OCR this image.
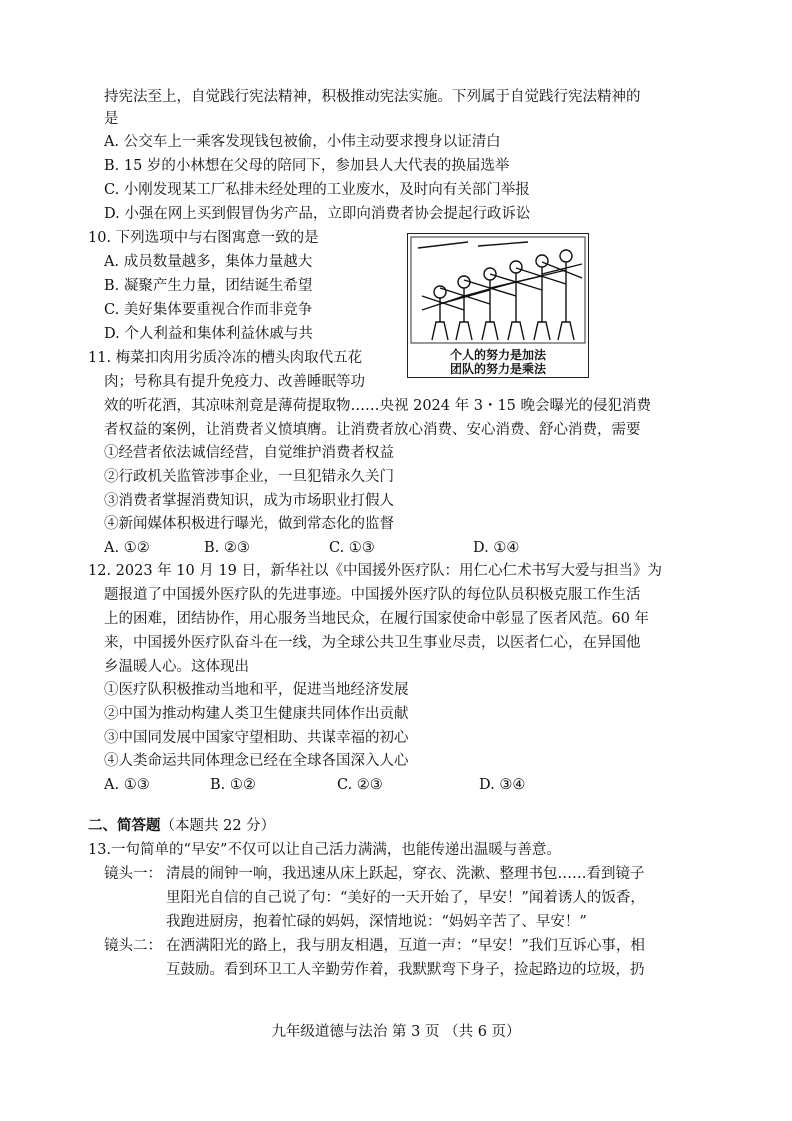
持宪法至上，自觉践行宪法精神，积极推动宪法实施。下列属于自觉践行宪法精神的
是
A. 公交车上一乘客发现钱包被偷，小伟主动要求搜身以证清白
B. 15 岁的小林想在父母的陪同下，参加县人大代表的换届选举
C. 小刚发现某工厂私排未经处理的工业废水，及时向有关部门举报
D. 小强在网上买到假冒伪劣产品，立即向消费者协会提起行政诉讼
10. 下列选项中与右图寓意一致的是
A. 成员数量越多，集体力量越大
B. 凝聚产生力量，团结诞生希望
C. 美好集体要重视合作而非竞争
D. 个人利益和集体利益休戚与共
个人的努力是加法
团队的努力是乘法
11. 梅菜扣肉用劣质冷冻的槽头肉取代五花
肉；号称具有提升免疫力、改善睡眠等功
效的听花酒，其凉味剂竟是薄荷提取物……央视 2024 年 3・15 晚会曝光的侵犯消费
者权益的案例，让消费者义愤填膺。让消费者放心消费、安心消费、舒心消费，需要
①经营者依法诚信经营，自觉维护消费者权益
②行政机关监管涉事企业，一旦犯错永久关门
③消费者掌握消费知识，成为市场职业打假人
④新闻媒体积极进行曝光，做到常态化的监督
A. ①②	B. ②③	C. ①③	D. ①④
12. 2023 年 10 月 19 日，新华社以《中国援外医疗队：用仁心仁术书写大爱与担当》为
题报道了中国援外医疗队的先进事迹。中国援外医疗队的每位队员积极克服工作生活
上的困难，团结协作，用心服务当地民众，在履行国家使命中彰显了医者风范。60 年
来，中国援外医疗队奋斗在一线，为全球公共卫生事业尽责，以医者仁心，在异国他
乡温暖人心。这体现出
①医疗队积极推动当地和平，促进当地经济发展
②中国为推动构建人类卫生健康共同体作出贡献
③中国同发展中国家守望相助、共谋幸福的初心
④人类命运共同体理念已经在全球各国深入人心
A. ①③	B. ①②	C. ②③	D. ③④
二、简答题（本题共 22 分）
13.一句简单的“早安”不仅可以让自己活力满满，也能传递出温暖与善意。
镜头一： 清晨的闹钟一响，我迅速从床上跃起，穿衣、洗漱、整理书包……看到镜子
里阳光自信的自己说了句：“美好的一天开始了，早安！”闻着诱人的饭香，
我跑进厨房，抱着忙碌的妈妈，深情地说：“妈妈辛苦了、早安！”
镜头二： 在洒满阳光的路上，我与朋友相遇，互道一声：“早安！”我们互诉心事，相
互鼓励。看到环卫工人辛勤劳作着，我默默弯下身子，捡起路边的垃圾，扔
九年级道德与法治 第 3 页 （共 6 页）
